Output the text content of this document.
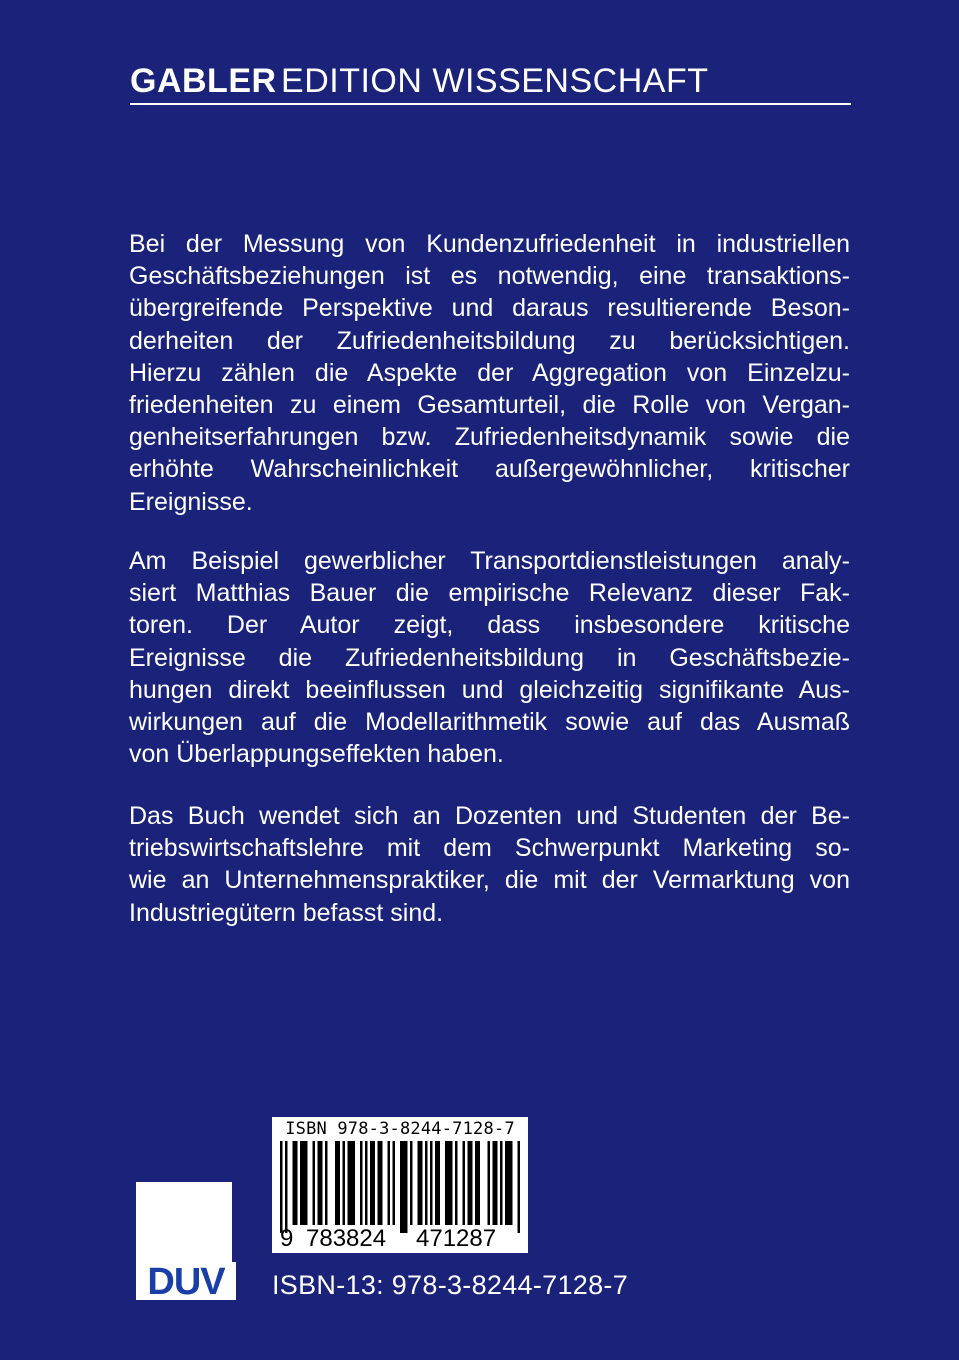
GABLER EDITION WISSENSCHAFT
Bei der Messung von Kundenzufriedenheit in industriellen
Geschäftsbeziehungen ist es notwendig, eine transaktions-
übergreifende Perspektive und daraus resultierende Beson-
derheiten der Zufriedenheitsbildung zu berücksichtigen.
Hierzu zählen die Aspekte der Aggregation von Einzelzu-
friedenheiten zu einem Gesamturteil, die Rolle von Vergan-
genheitserfahrungen bzw. Zufriedenheitsdynamik sowie die
erhöhte Wahrscheinlichkeit außergewöhnlicher, kritischer
Ereignisse.
Am Beispiel gewerblicher Transportdienstleistungen analy-
siert Matthias Bauer die empirische Relevanz dieser Fak-
toren. Der Autor zeigt, dass insbesondere kritische
Ereignisse die Zufriedenheitsbildung in Geschäftsbezie-
hungen direkt beeinflussen und gleichzeitig signifikante Aus-
wirkungen auf die Modellarithmetik sowie auf das Ausmaß
von Überlappungseffekten haben.
Das Buch wendet sich an Dozenten und Studenten der Be-
triebswirtschaftslehre mit dem Schwerpunkt Marketing so-
wie an Unternehmenspraktiker, die mit der Vermarktung von
Industriegütern befasst sind.
ISBN 978-3-8244-7128-7
9 783824 471287
ISBN-13: 978-3-8244-7128-7
DUV
